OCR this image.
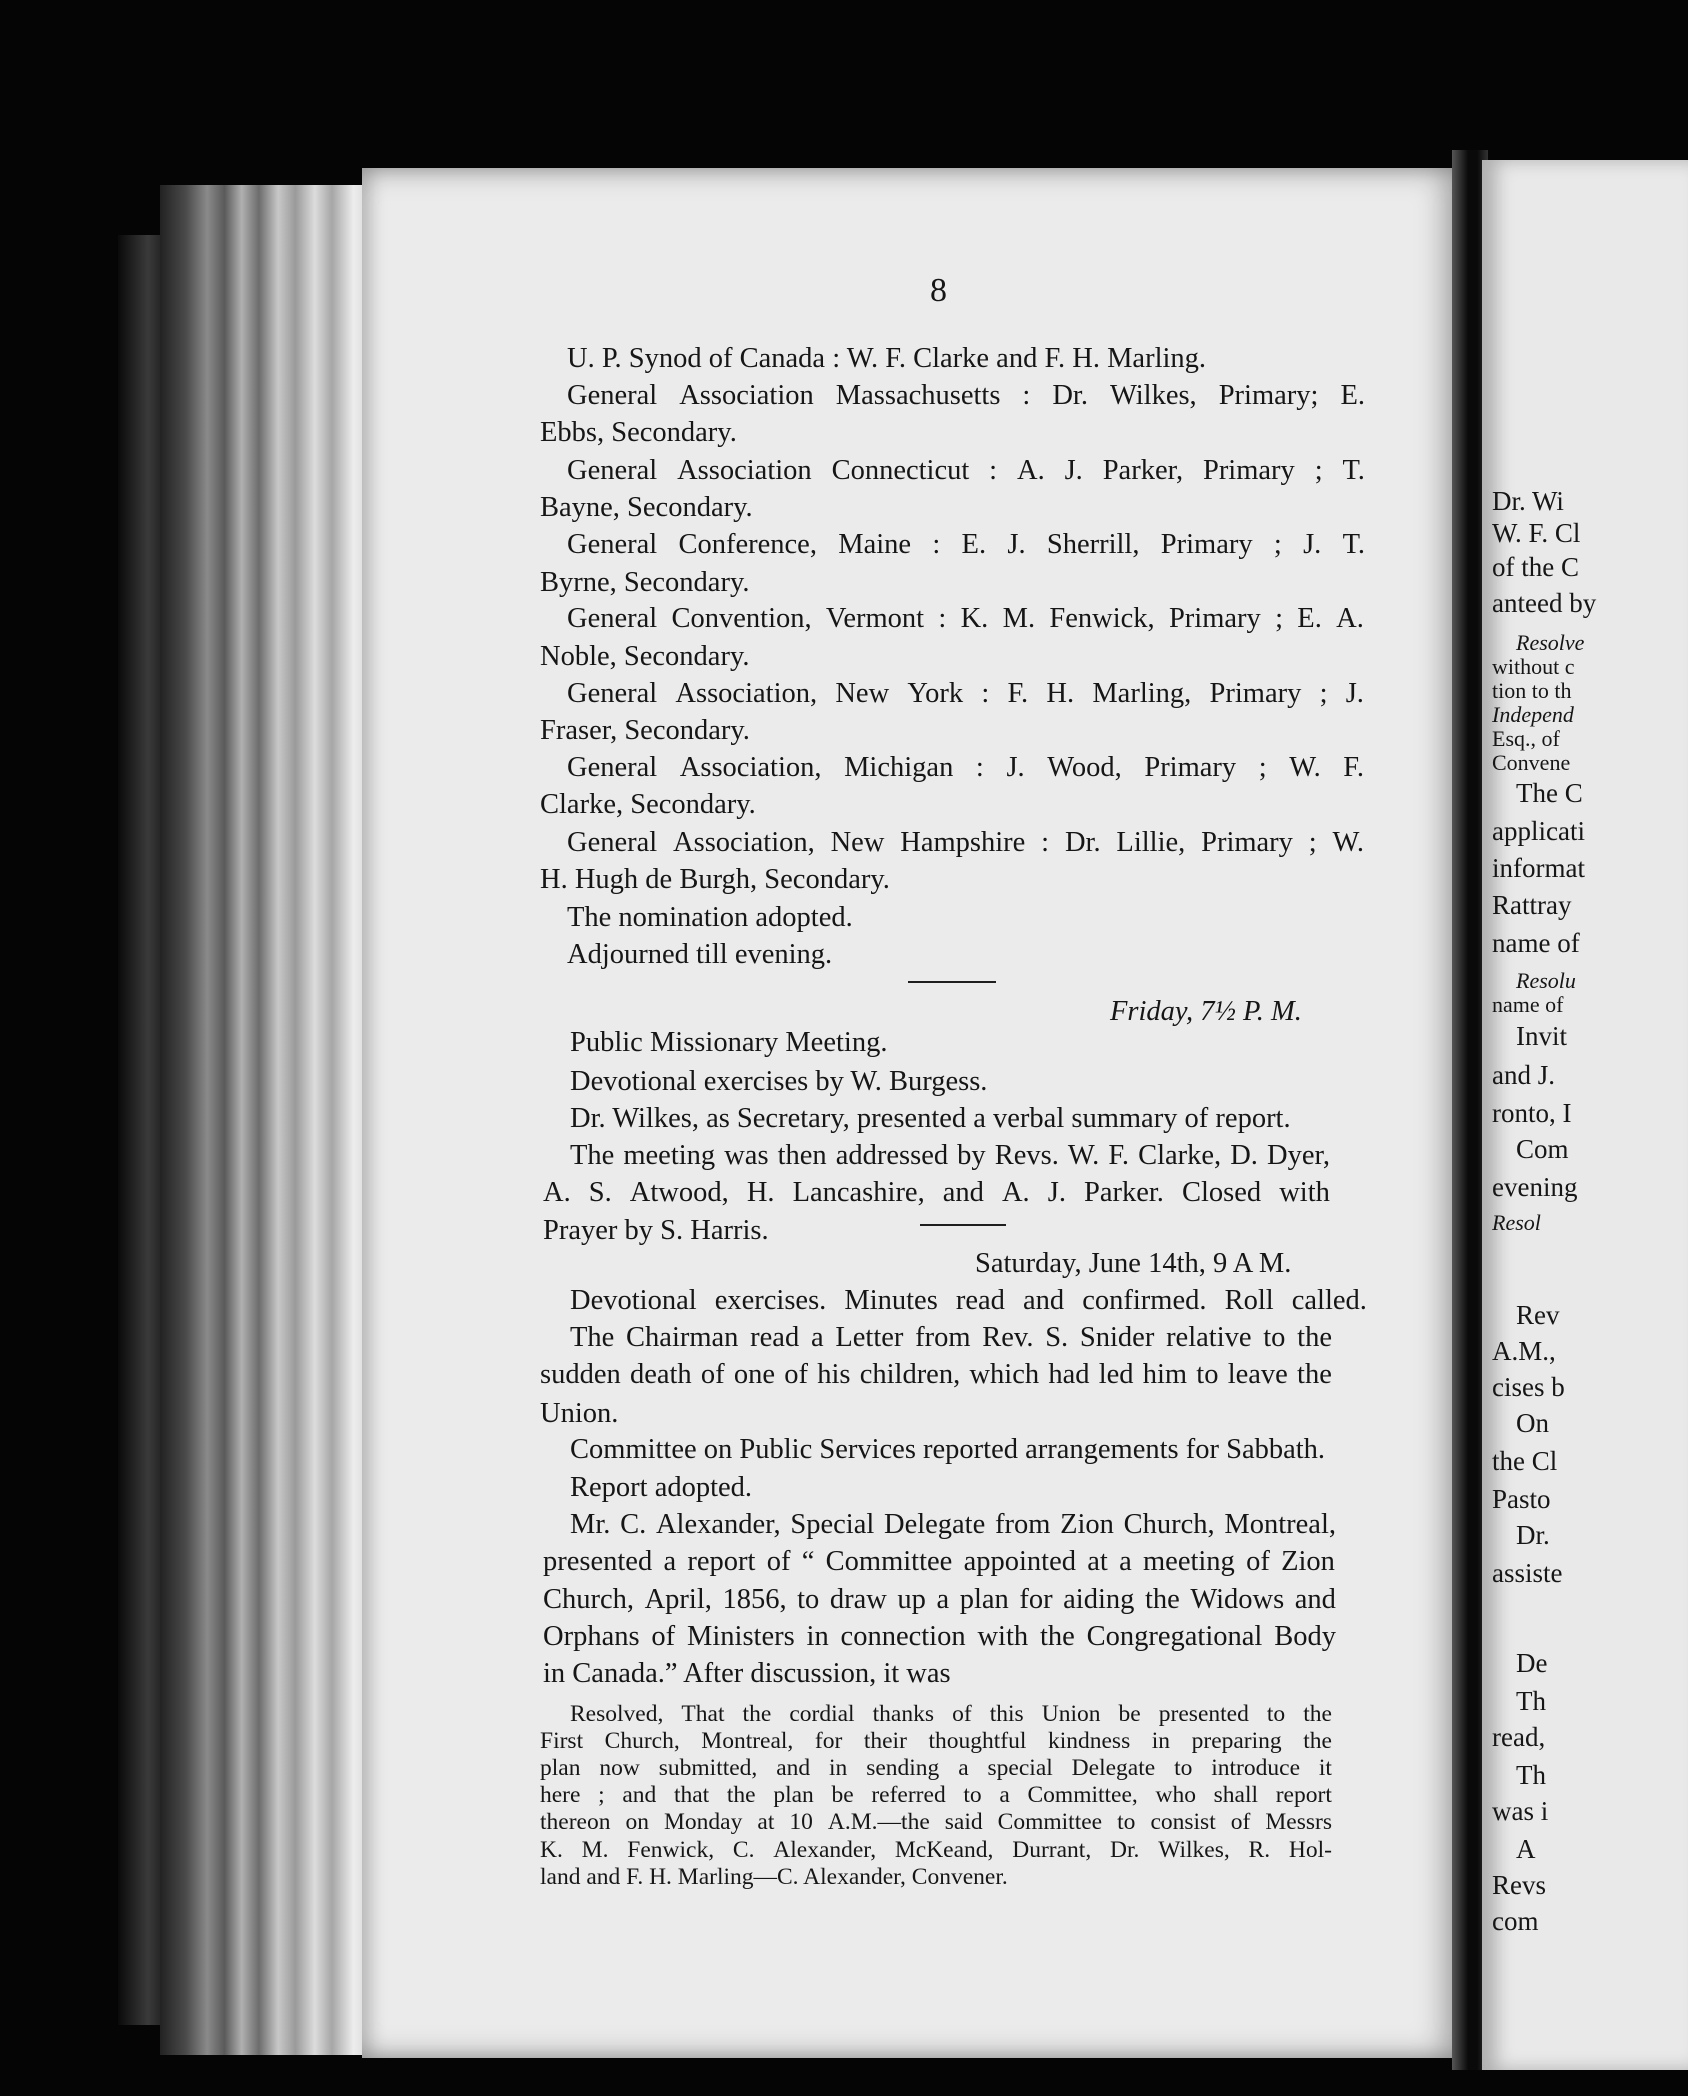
Dr. Wi
W. F. Cl
of the C
anteed by
Resolve
without c
tion to th
Independ
Esq., of
Convene
The C
applicati
informat
Rattray
name of
Resolu
name of
Invit
and J.
ronto, I
Com
evening
Resol
Rev
A.M.,
cises b
On
the Cl
Pasto
Dr.
assiste
De
Th
read,
Th
was i
A
Revs
com
8
U. P. Synod of Canada : W. F. Clarke and F. H. Marling.
General Association Massachusetts : Dr. Wilkes, Primary; E.
Ebbs, Secondary.
General Association Connecticut : A. J. Parker, Primary ; T.
Bayne, Secondary.
General Conference, Maine : E. J. Sherrill, Primary ; J. T.
Byrne, Secondary.
General Convention, Vermont : K. M. Fenwick, Primary ; E. A.
Noble, Secondary.
General Association, New York : F. H. Marling, Primary ; J.
Fraser, Secondary.
General Association, Michigan : J. Wood, Primary ; W. F.
Clarke, Secondary.
General Association, New Hampshire : Dr. Lillie, Primary ; W.
H. Hugh de Burgh, Secondary.
The nomination adopted.
Adjourned till evening.
Friday, 7½ P. M.
Public Missionary Meeting.
Devotional exercises by W. Burgess.
Dr. Wilkes, as Secretary, presented a verbal summary of report.
The meeting was then addressed by Revs. W. F. Clarke, D. Dyer,
A. S. Atwood, H. Lancashire, and A. J. Parker. Closed with
Prayer by S. Harris.
Saturday, June 14th, 9 A M.
Devotional exercises. Minutes read and confirmed. Roll called.
The Chairman read a Letter from Rev. S. Snider relative to the
sudden death of one of his children, which had led him to leave the
Union.
Committee on Public Services reported arrangements for Sabbath.
Report adopted.
Mr. C. Alexander, Special Delegate from Zion Church, Montreal,
presented a report of “ Committee appointed at a meeting of Zion
Church, April, 1856, to draw up a plan for aiding the Widows and
Orphans of Ministers in connection with the Congregational Body
in Canada.” After discussion, it was
Resolved, That the cordial thanks of this Union be presented to the
First Church, Montreal, for their thoughtful kindness in preparing the
plan now submitted, and in sending a special Delegate to introduce it
here ; and that the plan be referred to a Committee, who shall report
thereon on Monday at 10 A.M.—the said Committee to consist of Messrs
K. M. Fenwick, C. Alexander, McKeand, Durrant, Dr. Wilkes, R. Hol-
land and F. H. Marling—C. Alexander, Convener.
